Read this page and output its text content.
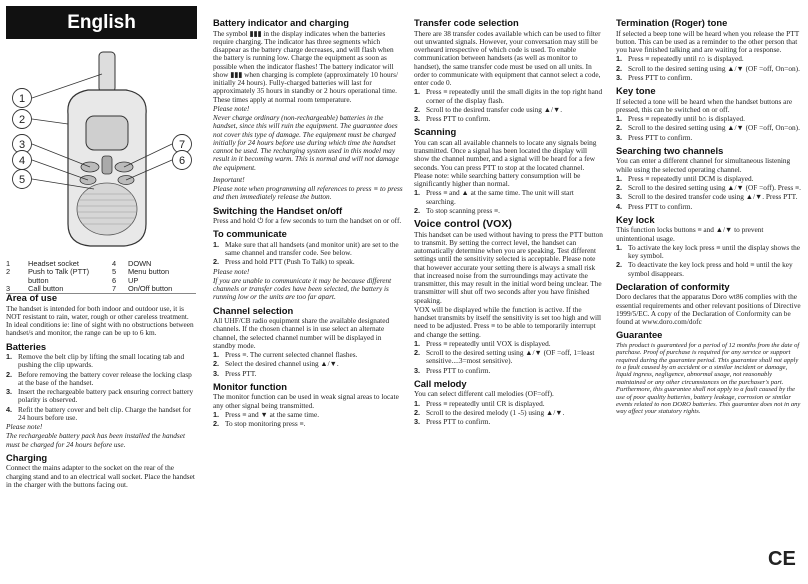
English
1
2
3
4
5
7
6
1	Headset socket
2	Push to Talk (PTT) button
3	Call button
4	DOWN
5	Menu button
6	UP
7	On/Off button
Area of use

The handset is intended for both indoor and outdoor use, it is NOT resistant to rain, water, rough or other careless treatment. In ideal conditions ie: line of sight with no obstructions between handset/s and monitor, the range can be up to 6 km.

Batteries
1. Remove the belt clip by lifting the small locating tab and pushing the clip upwards.
2. Before removing the battery cover release the locking clasp at the base of the handset.
3. Insert the rechargeable battery pack ensuring correct battery polarity is observed.
4. Refit the battery cover and belt clip. Charge the handset for 24 hours before use.

Please note!

The rechargeable battery pack has been installed the handset must be charged for 24 hours before use.

Charging

Connect the mains adapter to the socket on the rear of the charging stand and to an electrical wall socket. Place the handset in the charger with the buttons facing out.

Battery indicator and charging

The symbol ▮▮▮ in the display indicates when the batteries require charging. The indicator has three segments which disappear as the battery charge decreases, and will flash when the battery is running low. Charge the equipment as soon as possible when the indicator flashes! The battery indicator will show ▮▮▮ when charging is complete (approximately 10 hours/ initially 24 hours). Fully-charged batteries will last for approximately 35 hours in standby or 2 hours operational time. These times apply at normal room temperature.

Please note!

Never charge ordinary (non-rechargeable) batteries in the handset, since this will ruin the equipment. The guarantee does not cover this type of damage. The equipment must be charged initially for 24 hours before use during which time the handset cannot be used. The recharging system used in this model may result in it becoming warm. This is normal and will not damage the equipment.

Important!

Please note when programming all references to press ≡ to press and then immediately release the button.

Switching the Handset on/off

Press and hold ⏻ for a few seconds to turn the handset on or off.

To communicate
1. Make sure that all handsets (and monitor unit) are set to the same channel and transfer code. See below.
2. Press and hold PTT (Push To Talk) to speak.

Please note!

If you are unable to communicate it may be because different channels or transfer codes have been selected, the battery is running low or the units are too far apart.

Channel selection

All UHF/CB radio equipment share the available designated channels. If the chosen channel is in use select an alternate channel, the selected channel number will be displayed in standby mode.

1. Press ≡. The current selected channel flashes.
2. Select the desired channel using ▲/▼.
3. Press PTT.
Monitor function

The monitor function can be used in weak signal areas to locate any other signal being transmitted.

1. Press ≡ and ▼ at the same time.
2. To stop monitoring press ≡.
Transfer code selection

There are 38 transfer codes available which can be used to filter out unwanted signals. However, your conversation may still be overheard irrespective of which code is used. To enable communication between handsets (as well as monitor to handset), the same transfer code must be used on all units. In order to communicate with equipment that cannot select a code, enter code 0.

1. Press ≡ repeatedly until the small digits in the top right hand corner of the display flash.
2. Scroll to the desired transfer code using ▲/▼.
3. Press PTT to confirm.
Scanning

You can scan all available channels to locate any signals being transmitted. Once a signal has been located the display will show the channel number, and a signal will be heard for a few seconds. You can press PTT to stop at the located channel. Please note: while searching battery consumption will be significantly higher than normal.

1. Press ≡ and ▲ at the same time. The unit will start searching.
2. To stop scanning press ≡.
Voice control (VOX)

This handset can be used without having to press the PTT button to transmit. By setting the correct level, the handset can automatically determine when you are speaking. Test different settings until the sensitivity selected is acceptable. Please note that however accurate your setting there is always a small risk that increased noise from the surroundings may activate the transmitter, this may result in the initial word being unclear. The transmitter will shut off two seconds after you have finished speaking.

VOX will be displayed while the function is active. If the handset transmits by itself the sensitivity is set too high and will need to be adjusted. Press ≡ to be able to temporarily interrupt and change the setting.

1. Press ≡ repeatedly until VOX is displayed.
2. Scroll to the desired setting using ▲/▼ (OF =off, 1=least sensitive....3=most sensitive).
3. Press PTT to confirm.
Call melody

You can select different call melodies (OF=off).

1. Press ≡ repeatedly until CR is displayed.
2. Scroll to the desired melody (1 -5) using ▲/▼.
3. Press PTT to confirm.
Termination (Roger) tone

If selected a beep tone will be heard when you release the PTT button. This can be used as a reminder to the other person that you have finished talking and are waiting for a response.

1. Press ≡ repeatedly until r⌂ is displayed.
2. Scroll to the desired setting using ▲/▼ (OF =off, On=on).
3. Press PTT to confirm.
Key tone

If selected a tone will be heard when the handset buttons are pressed, this can be switched on or off.

1. Press ≡ repeatedly until b⌂ is displayed.
2. Scroll to the desired setting using ▲/▼ (OF =off, On=on).
3. Press PTT to confirm.
Searching two channels

You can enter a different channel for simultaneous listening while using the selected operating channel.

1. Press ≡ repeatedly until DCM is displayed.
2. Scroll to the desired setting using ▲/▼ (OF =off). Press ≡.
3. Scroll to the desired transfer code using ▲/▼. Press PTT.
4. Press PTT to confirm.
Key lock

This function locks buttons ≡ and ▲/▼ to prevent unintentional usage.

1. To activate the key lock press ≡ until the display shows the key symbol.
2. To deactivate the key lock press and hold ≡ until the key symbol disappears.
Declaration of conformity

Doro declares that the apparatus Doro wt86 complies with the essential requirements and other relevant positions of Directive 1999/5/EC. A copy of the Declaration of Conformity can be found at www.doro.com/dofc

Guarantee

This product is guaranteed for a period of 12 months from the date of purchase. Proof of purchase is required for any service or support required during the guarantee period. This guarantee shall not apply to a fault caused by an accident or a similar incident or damage, liquid ingress, negligence, abnormal usage, not reasonably maintained or any other circumstances on the purchaser's part. Furthermore, this guarantee shall not apply to a fault caused by the use of poor quality batteries, battery leakage, corrosion or similar events related to non DORO batteries. This guarantee does not in any way affect your statutory rights.

CE
